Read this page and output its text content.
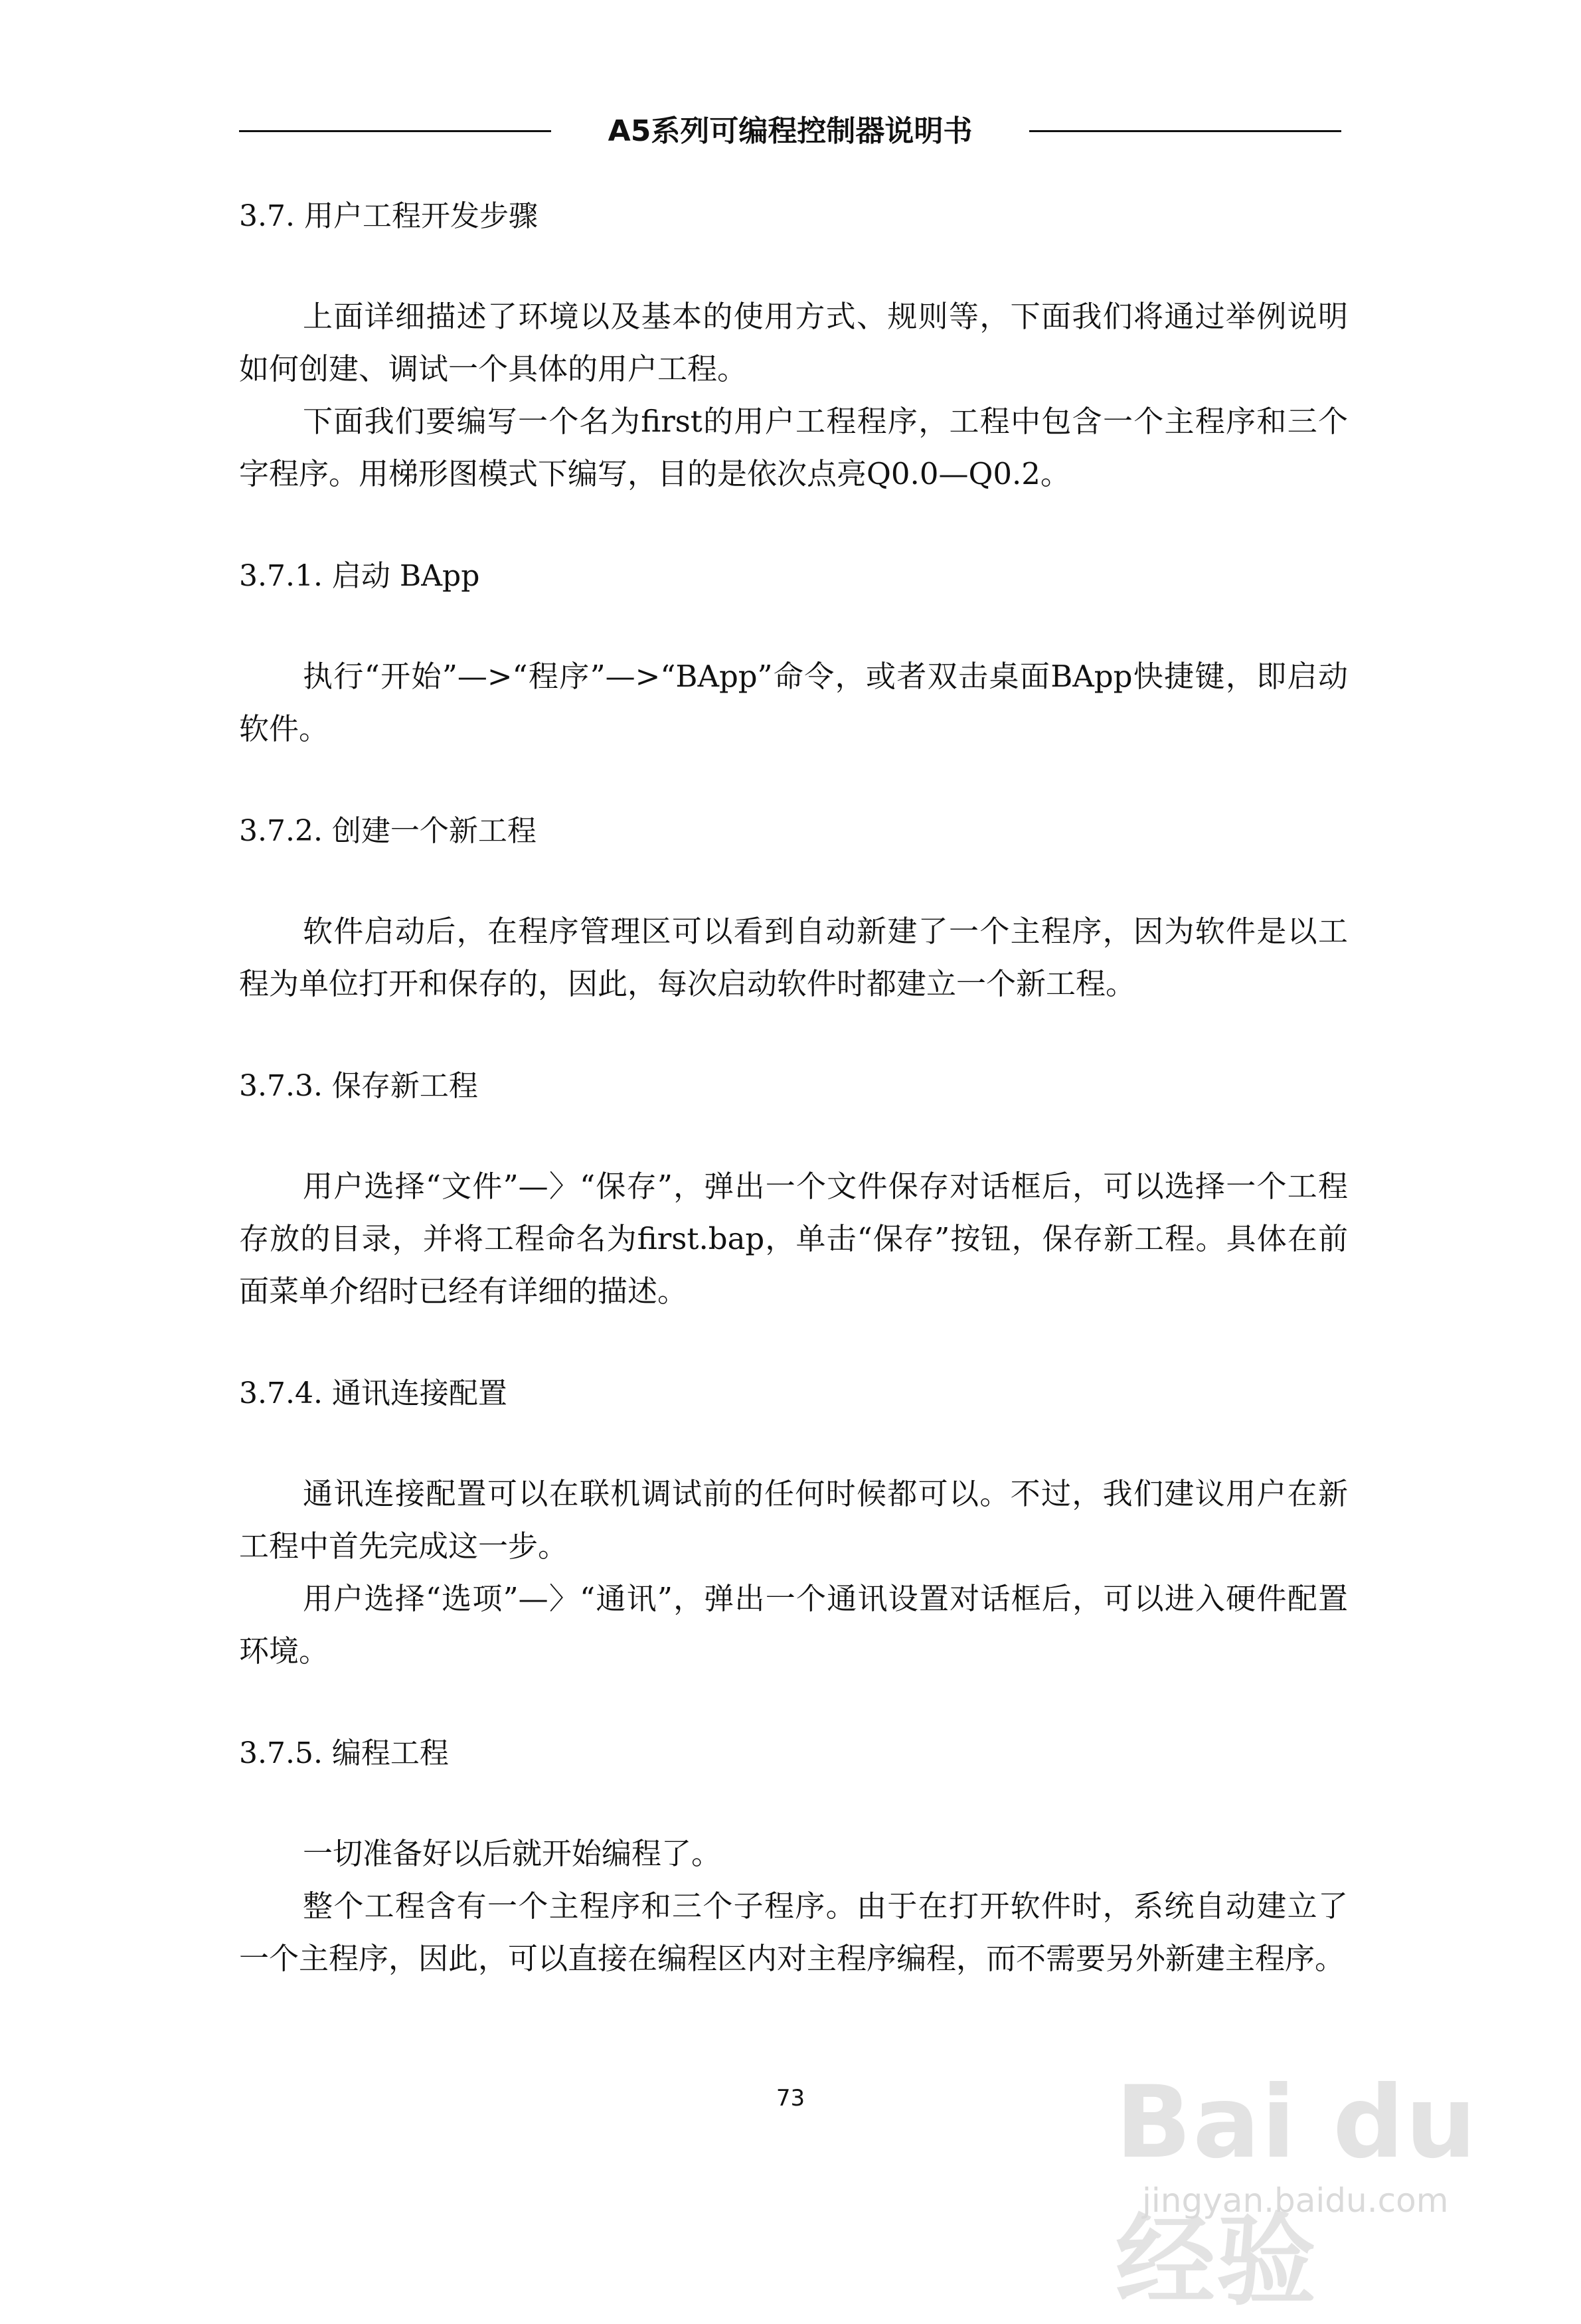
A5系列可编程控制器说明书

3.7. 用户工程开发步骤

上面详细描述了环境以及基本的使用方式、规则等，下面我们将通过举例说明如何创建、调试一个具体的用户工程。

下面我们要编写一个名为first的用户工程程序，工程中包含一个主程序和三个字程序。用梯形图模式下编写，目的是依次点亮Q0.0—Q0.2。

3.7.1. 启动 BApp

执行“开始”—>“程序”—>“BApp”命令，或者双击桌面BApp快捷键，即启动软件。

3.7.2. 创建一个新工程

软件启动后，在程序管理区可以看到自动新建了一个主程序，因为软件是以工程为单位打开和保存的，因此，每次启动软件时都建立一个新工程。

3.7.3. 保存新工程

用户选择“文件”—〉“保存”，弹出一个文件保存对话框后，可以选择一个工程存放的目录，并将工程命名为first.bap，单击“保存”按钮，保存新工程。具体在前面菜单介绍时已经有详细的描述。

3.7.4. 通讯连接配置

通讯连接配置可以在联机调试前的任何时候都可以。不过，我们建议用户在新工程中首先完成这一步。

用户选择“选项”—〉“通讯”，弹出一个通讯设置对话框后，可以进入硬件配置环境。

3.7.5. 编程工程

一切准备好以后就开始编程了。

整个工程含有一个主程序和三个子程序。由于在打开软件时，系统自动建立了一个主程序，因此，可以直接在编程区内对主程序编程，而不需要另外新建主程序。

73	Bai du 经验
jingyan.baidu.com
